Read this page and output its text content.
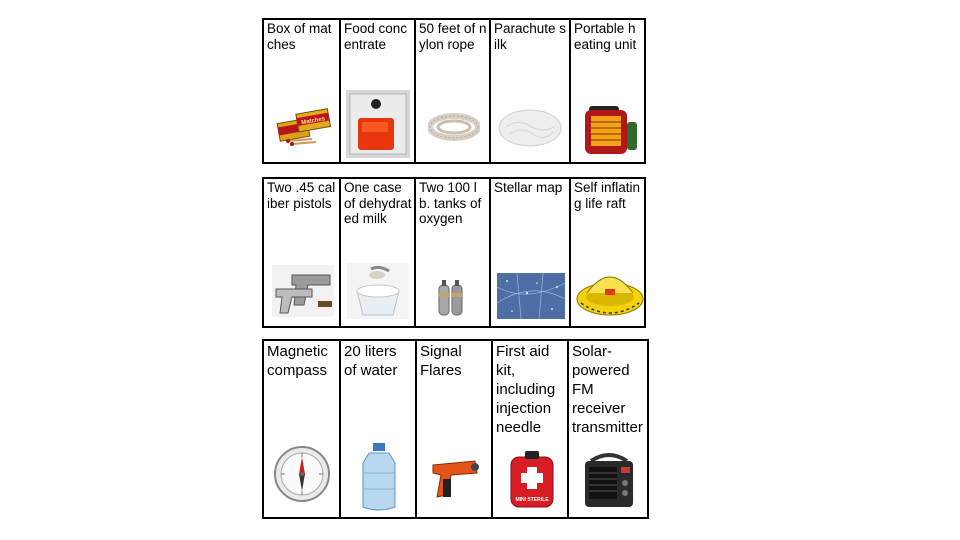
Box of matches
Matches
Food concentrate
50 feet of nylon rope
Parachute silk
Portable heating unit
Two .45 caliber pistols
One case of dehydrated milk
Two 100 lb. tanks of oxygen
Stellar map Self inflating life raft
Magnetic compass
20 liters of water
Signal Flares
First aid kit, including injection needle
MINI STERILE
Solar-powered FM receiver transmitter
